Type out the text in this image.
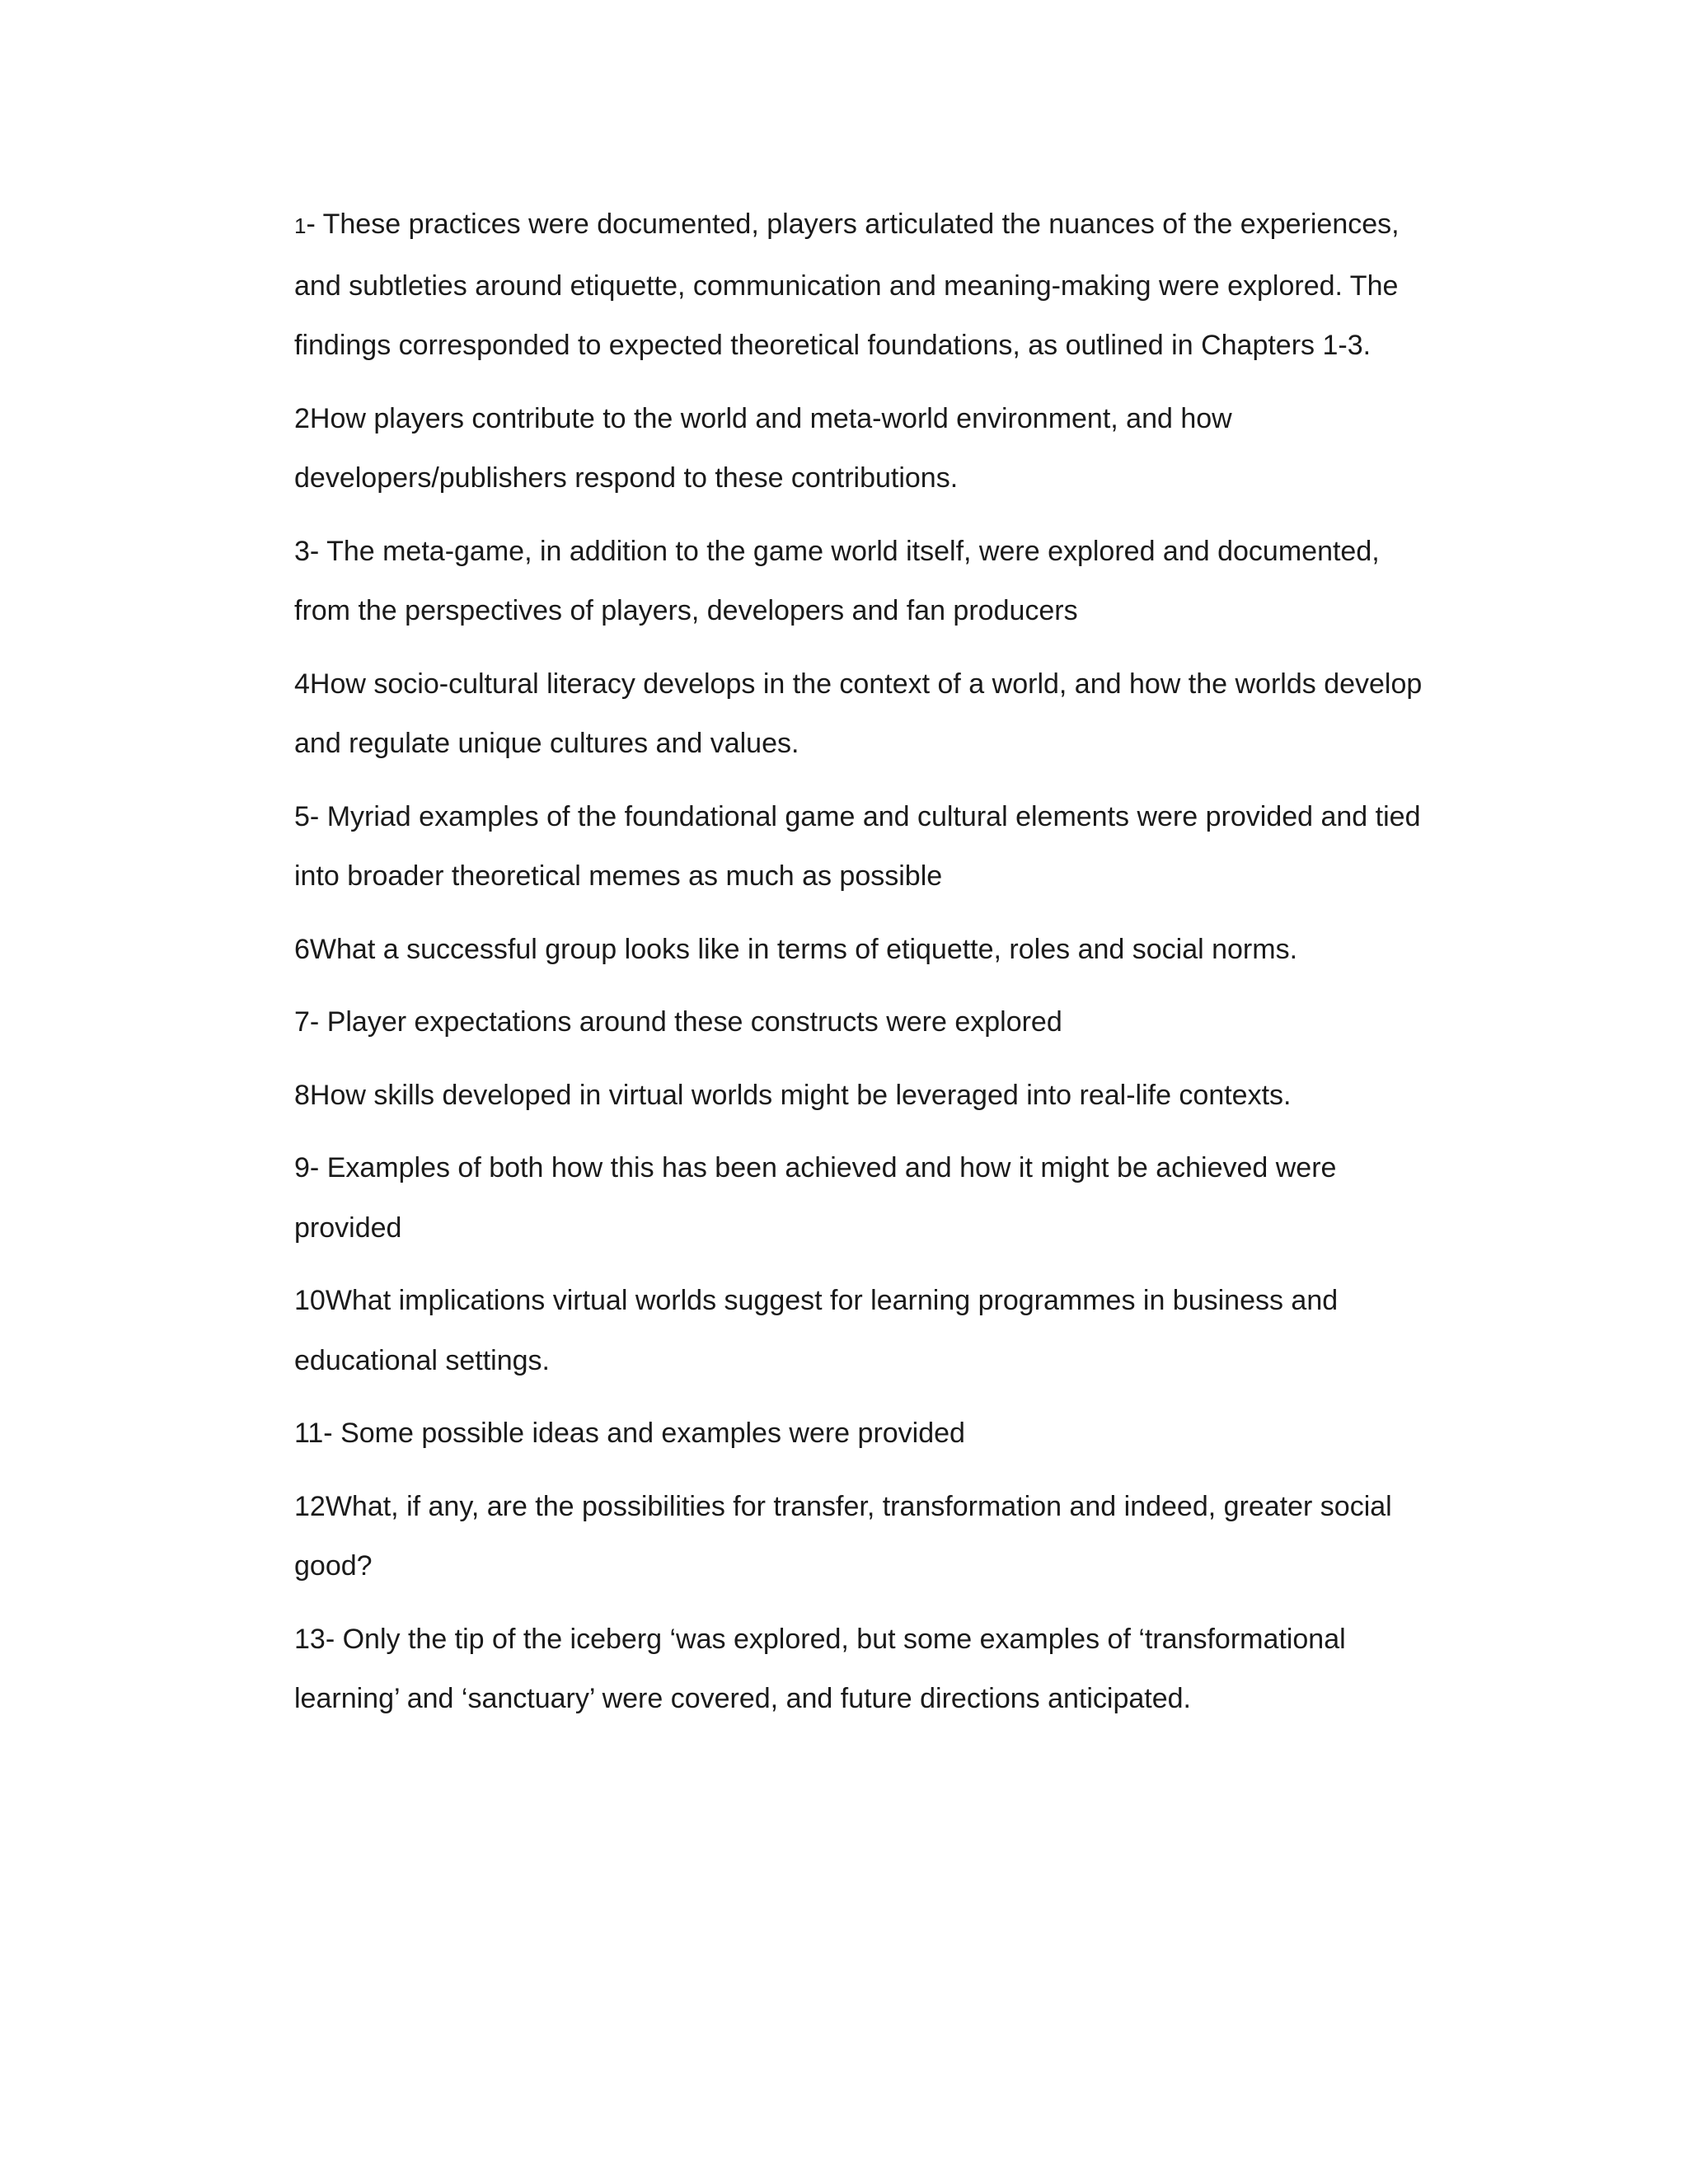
1- These practices were documented, players articulated the nuances of the experiences, and subtleties around etiquette, communication and meaning-making were explored. The findings corresponded to expected theoretical foundations, as outlined in Chapters 1-3.

2How players contribute to the world and meta-world environment, and how developers/publishers respond to these contributions.

3- The meta-game, in addition to the game world itself, were explored and documented, from the perspectives of players, developers and fan producers

4How socio-cultural literacy develops in the context of a world, and how the worlds develop and regulate unique cultures and values.

5- Myriad examples of the foundational game and cultural elements were provided and tied into broader theoretical memes as much as possible

6What a successful group looks like in terms of etiquette, roles and social norms.

7- Player expectations around these constructs were explored

8How skills developed in virtual worlds might be leveraged into real-life contexts.

9- Examples of both how this has been achieved and how it might be achieved were provided

10What implications virtual worlds suggest for learning programmes in business and educational settings.

11- Some possible ideas and examples were provided

12What, if any, are the possibilities for transfer, transformation and indeed, greater social good?

13- Only the tip of the iceberg ‘was explored, but some examples of ‘transformational learning’ and ‘sanctuary’ were covered, and future directions anticipated.
